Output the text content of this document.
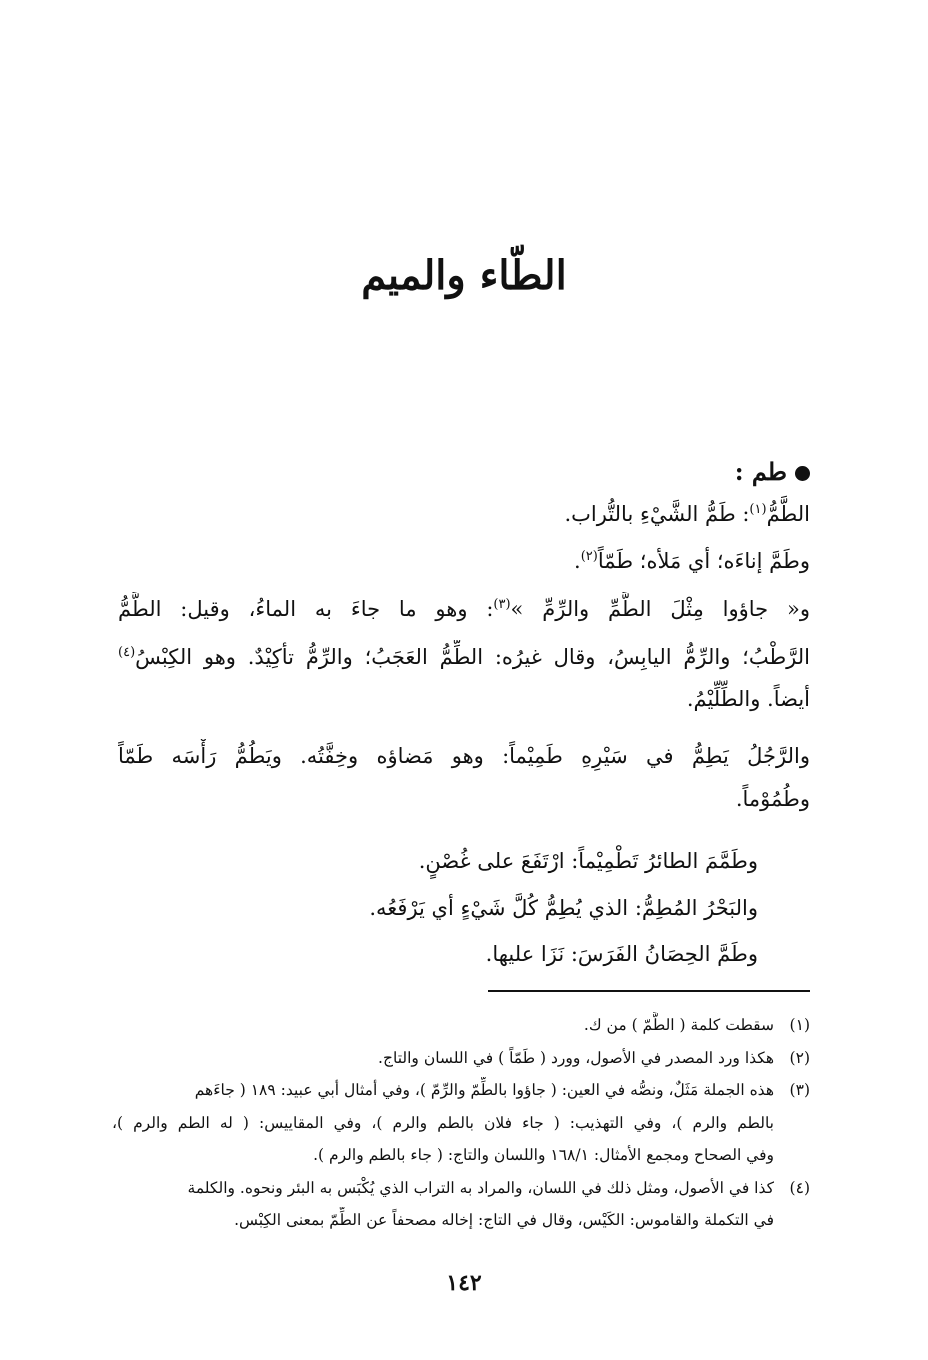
الطّاء والميم
طم :

الطَّمُّ$^{(١)}$: طَمُّ الشَّيْءِ بالتُّراب.

وطَمَّ إناءَه؛ أي مَلأه؛ طَمّاً$^{(٢)}$.

و« جاؤوا مِثْلَ الطَّمِّ والرِّمِّ »$^{(٣)}$: وهو ما جاءَ به الماءُ، وقيل: الطَّمُّ

الرَّطْبُ؛ والرِّمُّ اليابِسُ، وقال غيرُه: الطِّمُّ العَجَبُ؛ والرِّمُّ تأكِيْدٌ. وهو الكِبْسُ$^{(٤)}$

أيضاً. والطِّلِّيْمُ.

والرَّجُلُ يَطِمُّ في سَيْرِهِ طَمِيْماً: وهو مَضاؤه وخِفَّتُه. ويَطُمُّ رَأْسَه طَمّاً

وطُمُوْماً.

وطَمَّمَ الطائرُ تَطْمِيْماً: ارْتَفَعَ على غُصْنٍ.

والبَحْرُ المُطِمُّ: الذي يُطِمُّ كُلَّ شَيْءٍ أي يَرْفَعُه.

وطَمَّ الحِصَانُ الفَرَسَ: نَزَا عليها.

(١)سقطت كلمة ( الطَّمّ ) من ك.

(٢)هكذا ورد المصدر في الأصول، وورد ( طَمّاً ) في اللسان والتاج.

(٣)هذه الجملة مَثَلٌ، ونصُّه في العين: ( جاؤوا بالطِّمّ والرِّمّ )، وفي أمثال أبي عبيد: ١٨٩ ( جاءَهم

بالطم والرم )، وفي التهذيب: ( جاء فلان بالطم والرم )، وفي المقاييس: ( له الطم والرم )،

وفي الصحاح ومجمع الأمثال: ١٦٨/١ واللسان والتاج: ( جاء بالطم والرم ).

(٤)كذا في الأصول، ومثل ذلك في اللسان، والمراد به التراب الذي يُكْبَس به البئر ونحوه. والكلمة

في التكملة والقاموس: الكَيْس، وقال في التاج: إخاله مصحفاً عن الطِّمّ بمعنى الكِبْس.

١٤٢
